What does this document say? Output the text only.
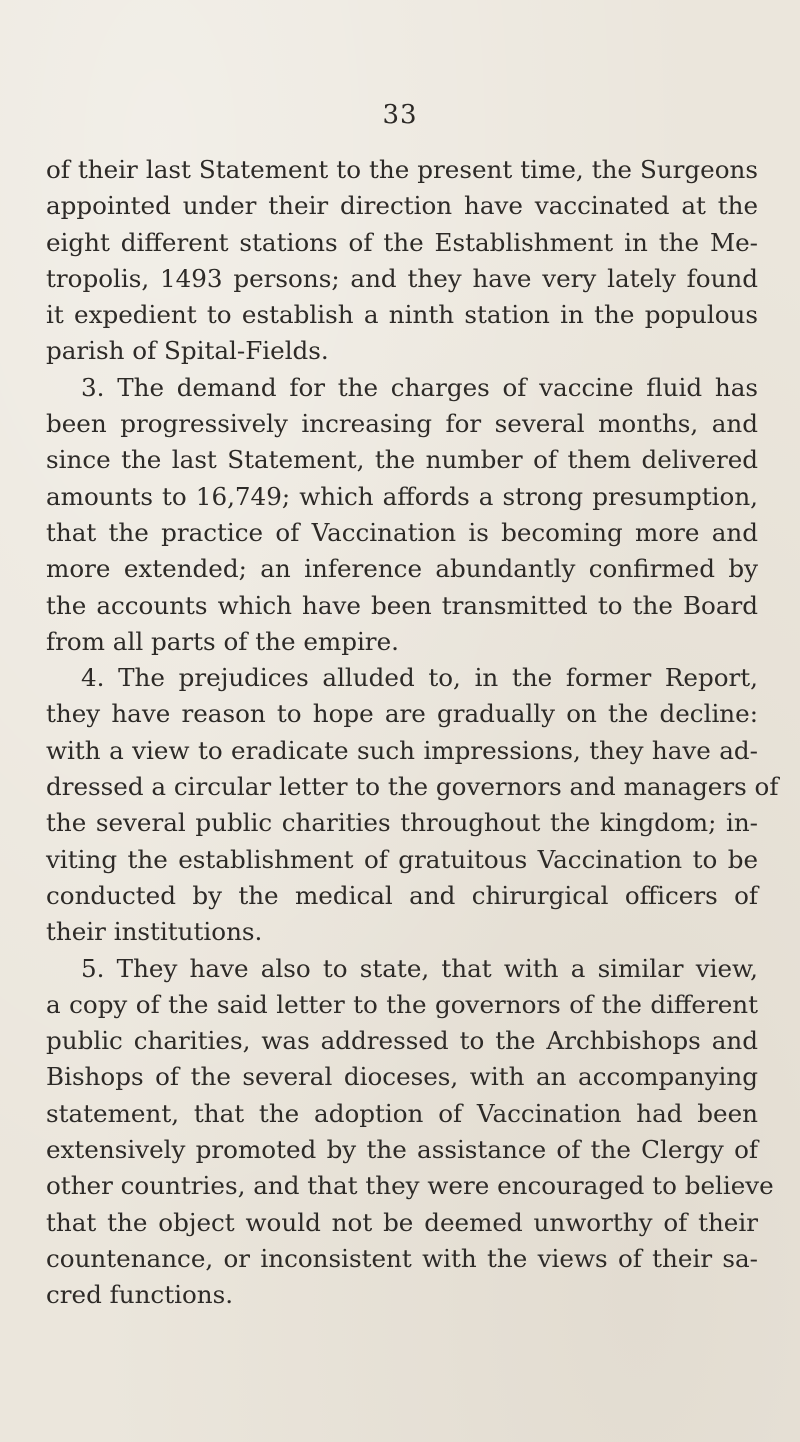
33
of their last Statement to the present time, the Surgeons
appointed under their direction have vaccinated at the
eight different stations of the Establishment in the Me-
tropolis, 1493 persons; and they have very lately found
it expedient to establish a ninth station in the populous
parish of Spital-Fields.
3. The demand for the charges of vaccine fluid has
been progressively increasing for several months, and
since the last Statement, the number of them delivered
amounts to 16,749; which affords a strong presumption,
that the practice of Vaccination is becoming more and
more extended; an inference abundantly confirmed by
the accounts which have been transmitted to the Board
from all parts of the empire.
4. The prejudices alluded to, in the former Report,
they have reason to hope are gradually on the decline:
with a view to eradicate such impressions, they have ad-
dressed a circular letter to the governors and managers of
the several public charities throughout the kingdom; in-
viting the establishment of gratuitous Vaccination to be
conducted by the medical and chirurgical officers of
their institutions.
5. They have also to state, that with a similar view,
a copy of the said letter to the governors of the different
public charities, was addressed to the Archbishops and
Bishops of the several dioceses, with an accompanying
statement, that the adoption of Vaccination had been
extensively promoted by the assistance of the Clergy of
other countries, and that they were encouraged to believe
that the object would not be deemed unworthy of their
countenance, or inconsistent with the views of their sa-
cred functions.
